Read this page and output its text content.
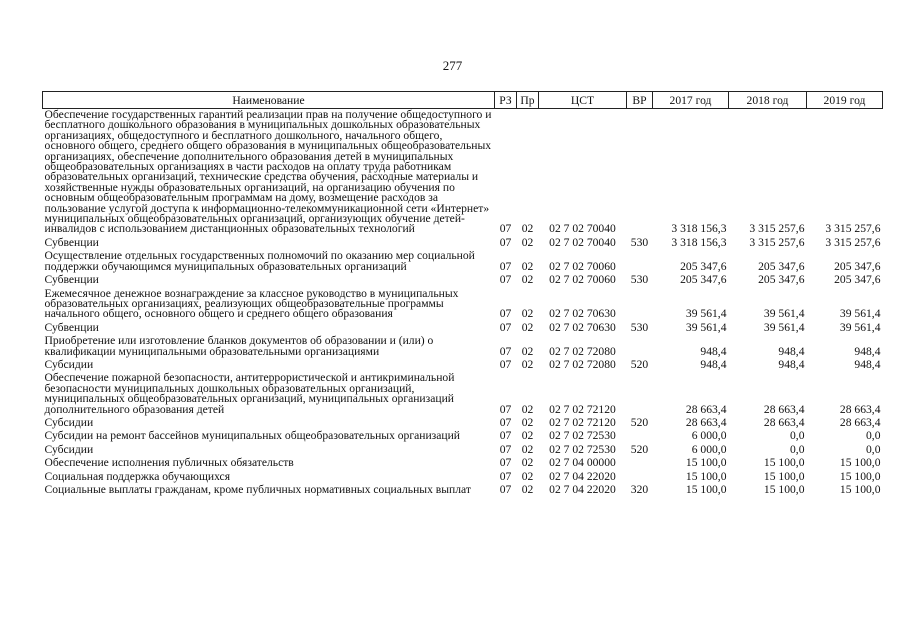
277
Наименование	РЗ	Пр	ЦСТ	ВР	2017 год	2018 год	2019 год
Обеспечение государственных гарантий реализации прав на получение общедоступного и бесплатного дошкольного образования в муниципальных дошкольных образовательных организациях, общедоступного и бесплатного дошкольного, начального общего, основного общего, среднего общего образования в муниципальных общеобразовательных организациях, обеспечение дополнительного образования детей в муниципальных общеобразовательных организациях в части расходов на оплату труда работникам образовательных организаций, технические средства обучения, расходные материалы и хозяйственные нужды образовательных организаций, на организацию обучения по основным общеобразовательным программам на дому, возмещение расходов за пользование услугой доступа к информационно-телекоммуникационной сети «Интернет» муниципальных общеобразовательных организаций, организующих обучение детей-инвалидов с использованием дистанционных образовательных технологий	07	02	02 7 02 70040		3 318 156,3	3 315 257,6	3 315 257,6
Субвенции	07	02	02 7 02 70040	530	3 318 156,3	3 315 257,6	3 315 257,6
Осуществление отдельных государственных полномочий по оказанию мер социальной поддержки обучающимся муниципальных образовательных организаций	07	02	02 7 02 70060		205 347,6	205 347,6	205 347,6
Субвенции	07	02	02 7 02 70060	530	205 347,6	205 347,6	205 347,6
Ежемесячное денежное вознаграждение за классное руководство в муниципальных образовательных организациях, реализующих общеобразовательные программы начального общего, основного общего и среднего общего образования	07	02	02 7 02 70630		39 561,4	39 561,4	39 561,4
Субвенции	07	02	02 7 02 70630	530	39 561,4	39 561,4	39 561,4
Приобретение или изготовление бланков документов об образовании и (или) о квалификации муниципальными образовательными организациями	07	02	02 7 02 72080		948,4	948,4	948,4
Субсидии	07	02	02 7 02 72080	520	948,4	948,4	948,4
Обеспечение пожарной безопасности, антитеррористической и антикриминальной безопасности муниципальных дошкольных образовательных организаций, муниципальных общеобразовательных организаций, муниципальных организаций дополнительного образования детей	07	02	02 7 02 72120		28 663,4	28 663,4	28 663,4
Субсидии	07	02	02 7 02 72120	520	28 663,4	28 663,4	28 663,4
Субсидии на ремонт бассейнов муниципальных общеобразовательных организаций	07	02	02 7 02 72530		6 000,0	0,0	0,0
Субсидии	07	02	02 7 02 72530	520	6 000,0	0,0	0,0
Обеспечение исполнения публичных обязательств	07	02	02 7 04 00000		15 100,0	15 100,0	15 100,0
Социальная поддержка обучающихся	07	02	02 7 04 22020		15 100,0	15 100,0	15 100,0
Социальные выплаты гражданам, кроме публичных нормативных социальных выплат	07	02	02 7 04 22020	320	15 100,0	15 100,0	15 100,0
